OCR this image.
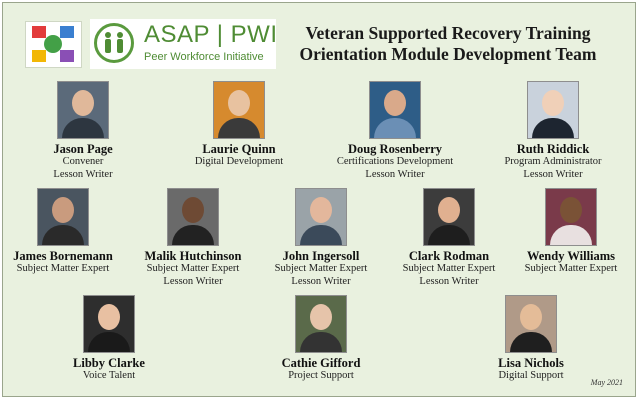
ASAP | PWI
Peer Workforce Initiative
Veteran Supported Recovery Training
Orientation Module Development Team
Jason Page
Convener
Lesson Writer
Laurie Quinn
Digital Development
Doug Rosenberry
Certifications Development
Lesson Writer
Ruth Riddick
Program Administrator
Lesson Writer
James Bornemann
Subject Matter Expert
Malik Hutchinson
Subject Matter Expert
Lesson Writer
John Ingersoll
Subject Matter Expert
Lesson Writer
Clark Rodman
Subject Matter Expert
Lesson Writer
Wendy Williams
Subject Matter Expert
Libby Clarke
Voice Talent
Cathie Gifford
Project Support
Lisa Nichols
Digital Support
May 2021
